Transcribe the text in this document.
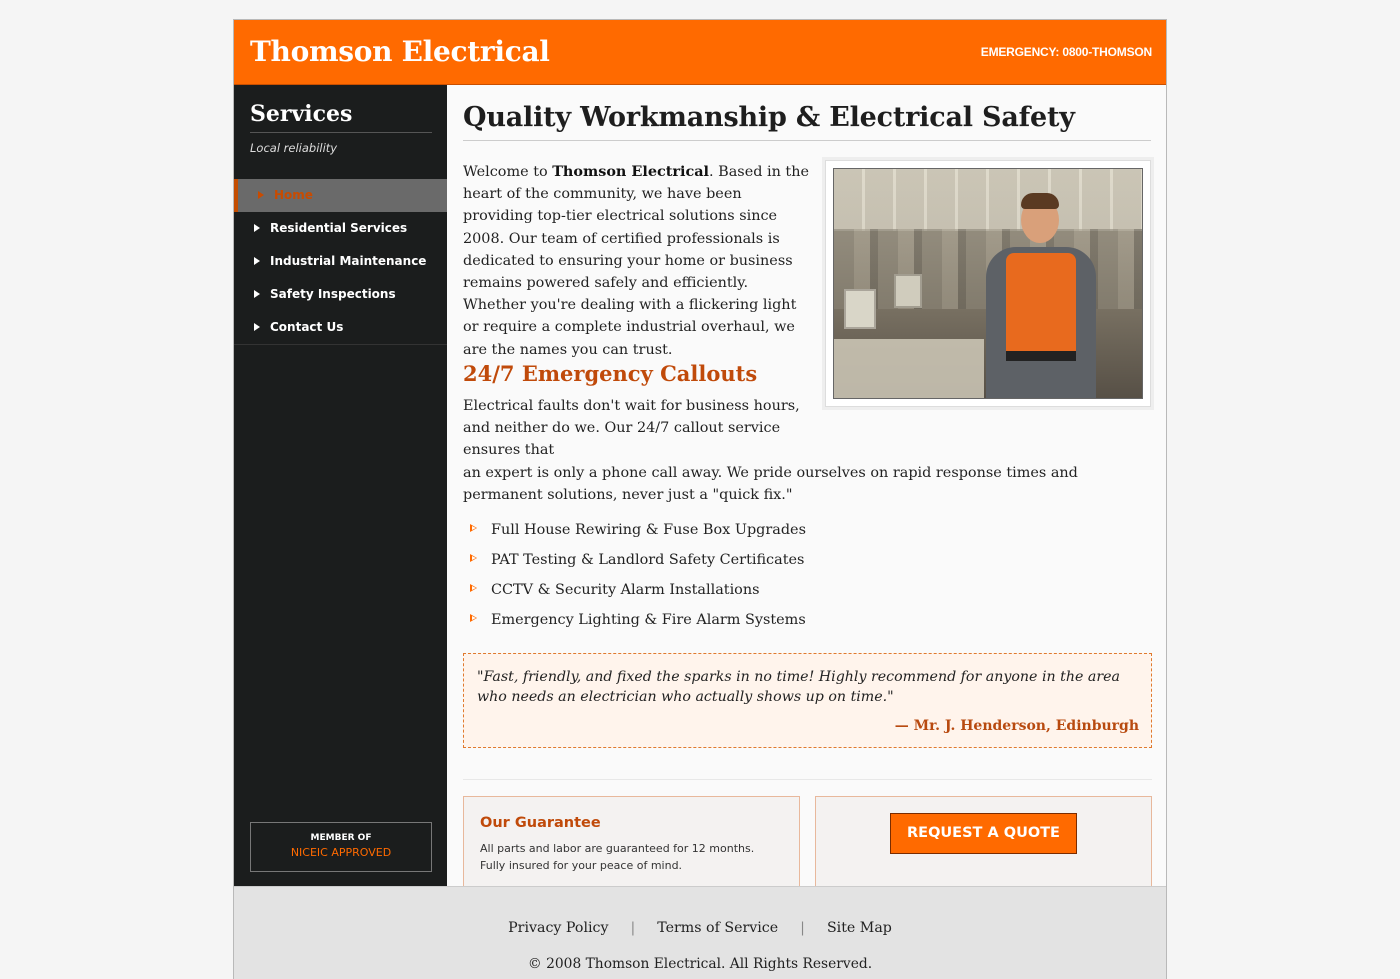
Thomson Electrical	EMERGENCY: 0800-THOMSON
Services
Local reliability
Home
Residential Services
Industrial Maintenance
Safety Inspections
Contact Us
MEMBER OF
NICEIC APPROVED
Quality Workmanship & Electrical Safety
Welcome to Thomson Electrical. Based in the heart of the community, we have been providing top-tier electrical solutions since 2008. Our team of certified professionals is dedicated to ensuring your home or business remains powered safely and efficiently. Whether you're dealing with a flickering light or require a complete industrial overhaul, we are the names you can trust.
24/7 Emergency Callouts
Electrical faults don't wait for business hours, and neither do we. Our 24/7 callout service ensures that
an expert is only a phone call away. We pride ourselves on rapid response times and permanent solutions, never just a "quick fix."
Full House Rewiring & Fuse Box Upgrades
PAT Testing & Landlord Safety Certificates
CCTV & Security Alarm Installations
Emergency Lighting & Fire Alarm Systems
"Fast, friendly, and fixed the sparks in no time! Highly recommend for anyone in the area who needs an electrician who actually shows up on time."
— Mr. J. Henderson, Edinburgh
Our Guarantee
All parts and labor are guaranteed for 12 months. Fully insured for your peace of mind.
REQUEST A QUOTE
Privacy Policy | Terms of Service | Site Map
© 2008 Thomson Electrical. All Rights Reserved.
